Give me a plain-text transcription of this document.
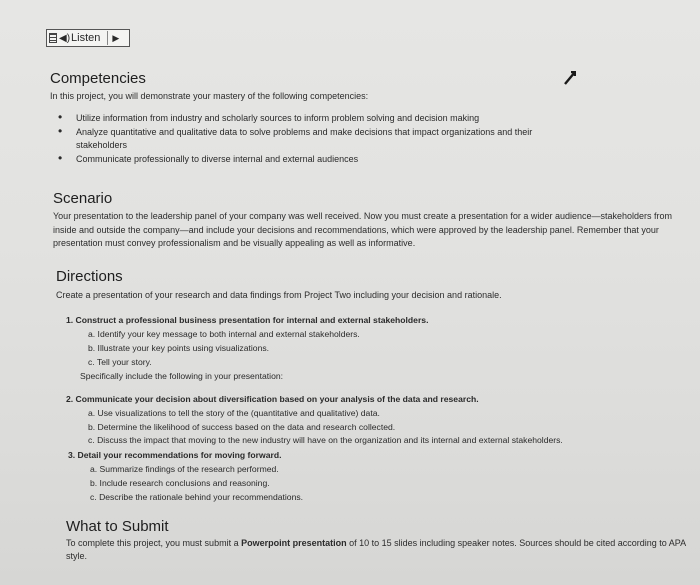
◀) Listen ▶
Competencies
In this project, you will demonstrate your mastery of the following competencies:
• Utilize information from industry and scholarly sources to inform problem solving and decision making
• Analyze quantitative and qualitative data to solve problems and make decisions that impact organizations and their stakeholders
• Communicate professionally to diverse internal and external audiences
Scenario
Your presentation to the leadership panel of your company was well received. Now you must create a presentation for a wider audience—stakeholders from inside and outside the company—and include your decisions and recommendations, which were approved by the leadership panel. Remember that your presentation must convey professionalism and be visually appealing as well as informative.
Directions
Create a presentation of your research and data findings from Project Two including your decision and rationale.
1. Construct a professional business presentation for internal and external stakeholders.
a. Identify your key message to both internal and external stakeholders.
b. Illustrate your key points using visualizations.
c. Tell your story.
Specifically include the following in your presentation:
2. Communicate your decision about diversification based on your analysis of the data and research.
a. Use visualizations to tell the story of the (quantitative and qualitative) data.
b. Determine the likelihood of success based on the data and research collected.
c. Discuss the impact that moving to the new industry will have on the organization and its internal and external stakeholders.
3. Detail your recommendations for moving forward.
a. Summarize findings of the research performed.
b. Include research conclusions and reasoning.
c. Describe the rationale behind your recommendations.
What to Submit
To complete this project, you must submit a Powerpoint presentation of 10 to 15 slides including speaker notes. Sources should be cited according to APA style.
